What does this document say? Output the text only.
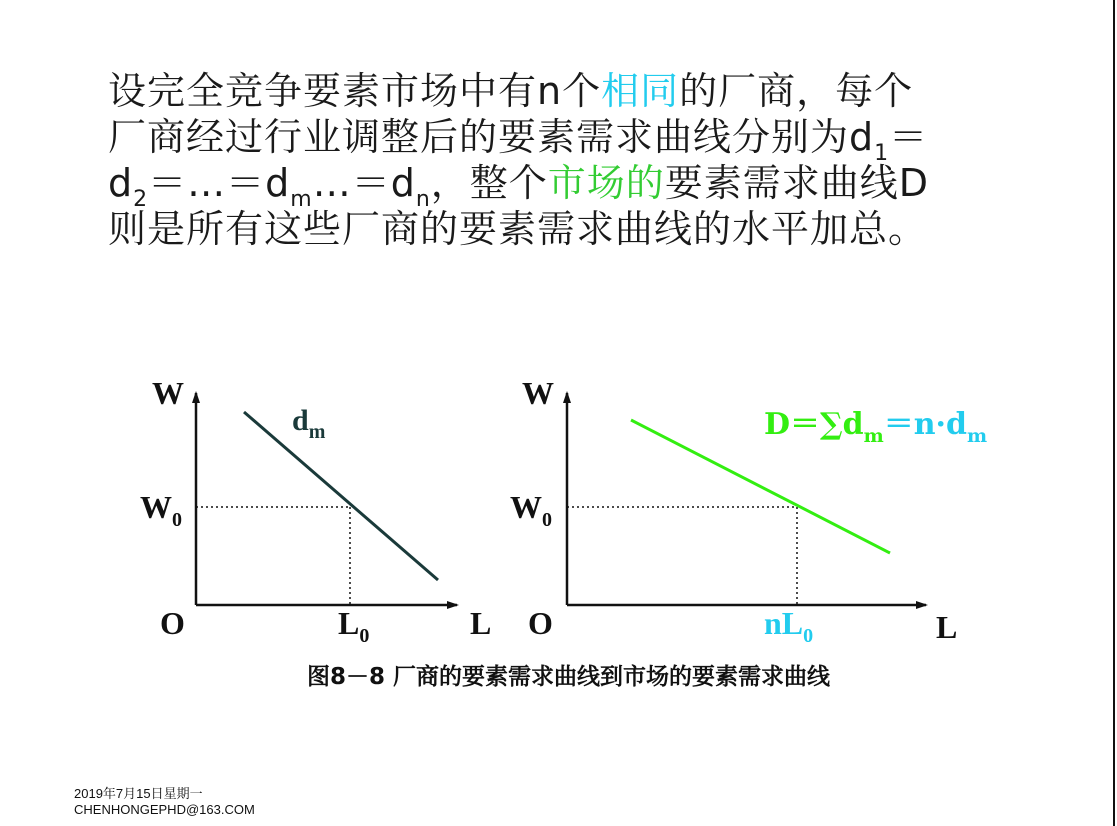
设完全竞争要素市场中有n个相同的厂商，每个
厂商经过行业调整后的要素需求曲线分别为$d_1=$
$d_2=\dots=d_m\dots=d_n$，整个市场的要素需求曲线D
则是所有这些厂商的要素需求曲线的水平加总。
W
L
O
$W_0$
$L_0$
$d_m$
W
L
O
$W_0$
$nL_0$
$D=\sum d_m=n\cdot d_m$
图8－8 厂商的要素需求曲线到市场的要素需求曲线
2019年7月15日星期一
CHENHONGEPHD@163.COM
